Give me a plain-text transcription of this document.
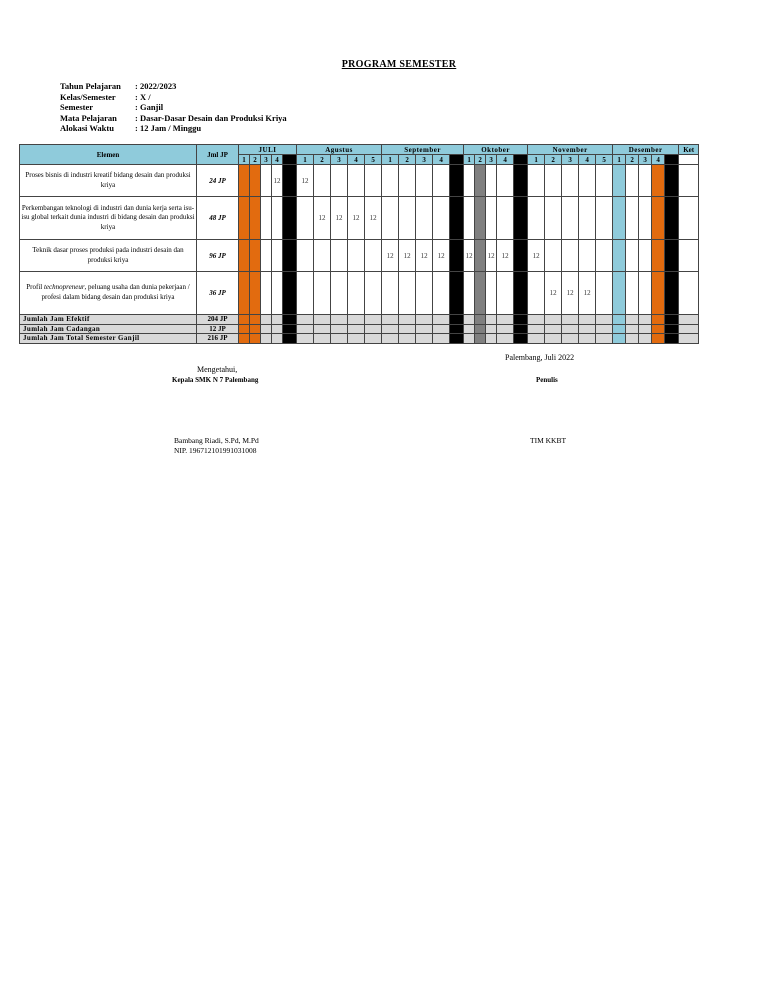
PROGRAM SEMESTER
Tahun Pelajaran	: 2022/2023
Kelas/Semester	: X /
Semester	: Ganjil
Mata Pelajaran	: Dasar-Dasar Desain dan Produksi Kriya
Alokasi Waktu	: 12 Jam / Minggu
Elemen	Jml JP	JULI					Agustus					September					Oktober					November					Desember					Ket
		1	2	3	4		1	2	3	4	5	1	2	3	4		1	2	3	4		1	2	3	4	5	1	2	3	4		
Proses bisnis di industri kreatif bidang desain dan produksi kriya	24 JP				12		12																									
Perkembangan teknologi di industri dan dunia kerja serta isu-isu global terkait dunia industri di bidang desain dan produksi kriya	48 JP							12	12	12	12																					
Teknik dasar proses produksi pada industri desain dan produksi kriya	96 JP											12	12	12	12		12		12	12		12										
Profil technopreneur, peluang usaha dan dunia pekerjaan / profesi dalam bidang desain dan produksi kriya	36 JP																						12	12	12							
Jumlah Jam Efektif	204 JP																															
Jumlah Jam Cadangan	12 JP																															
Jumlah Jam Total Semester Ganjil	216 JP																															
Palembang, Juli 2022
Mengetahui,
Kepala SMK N 7 Palembang	Penulis
Bambang Riadi, S.Pd, M.Pd
NIP. 196712101991031008
TIM KKBT
